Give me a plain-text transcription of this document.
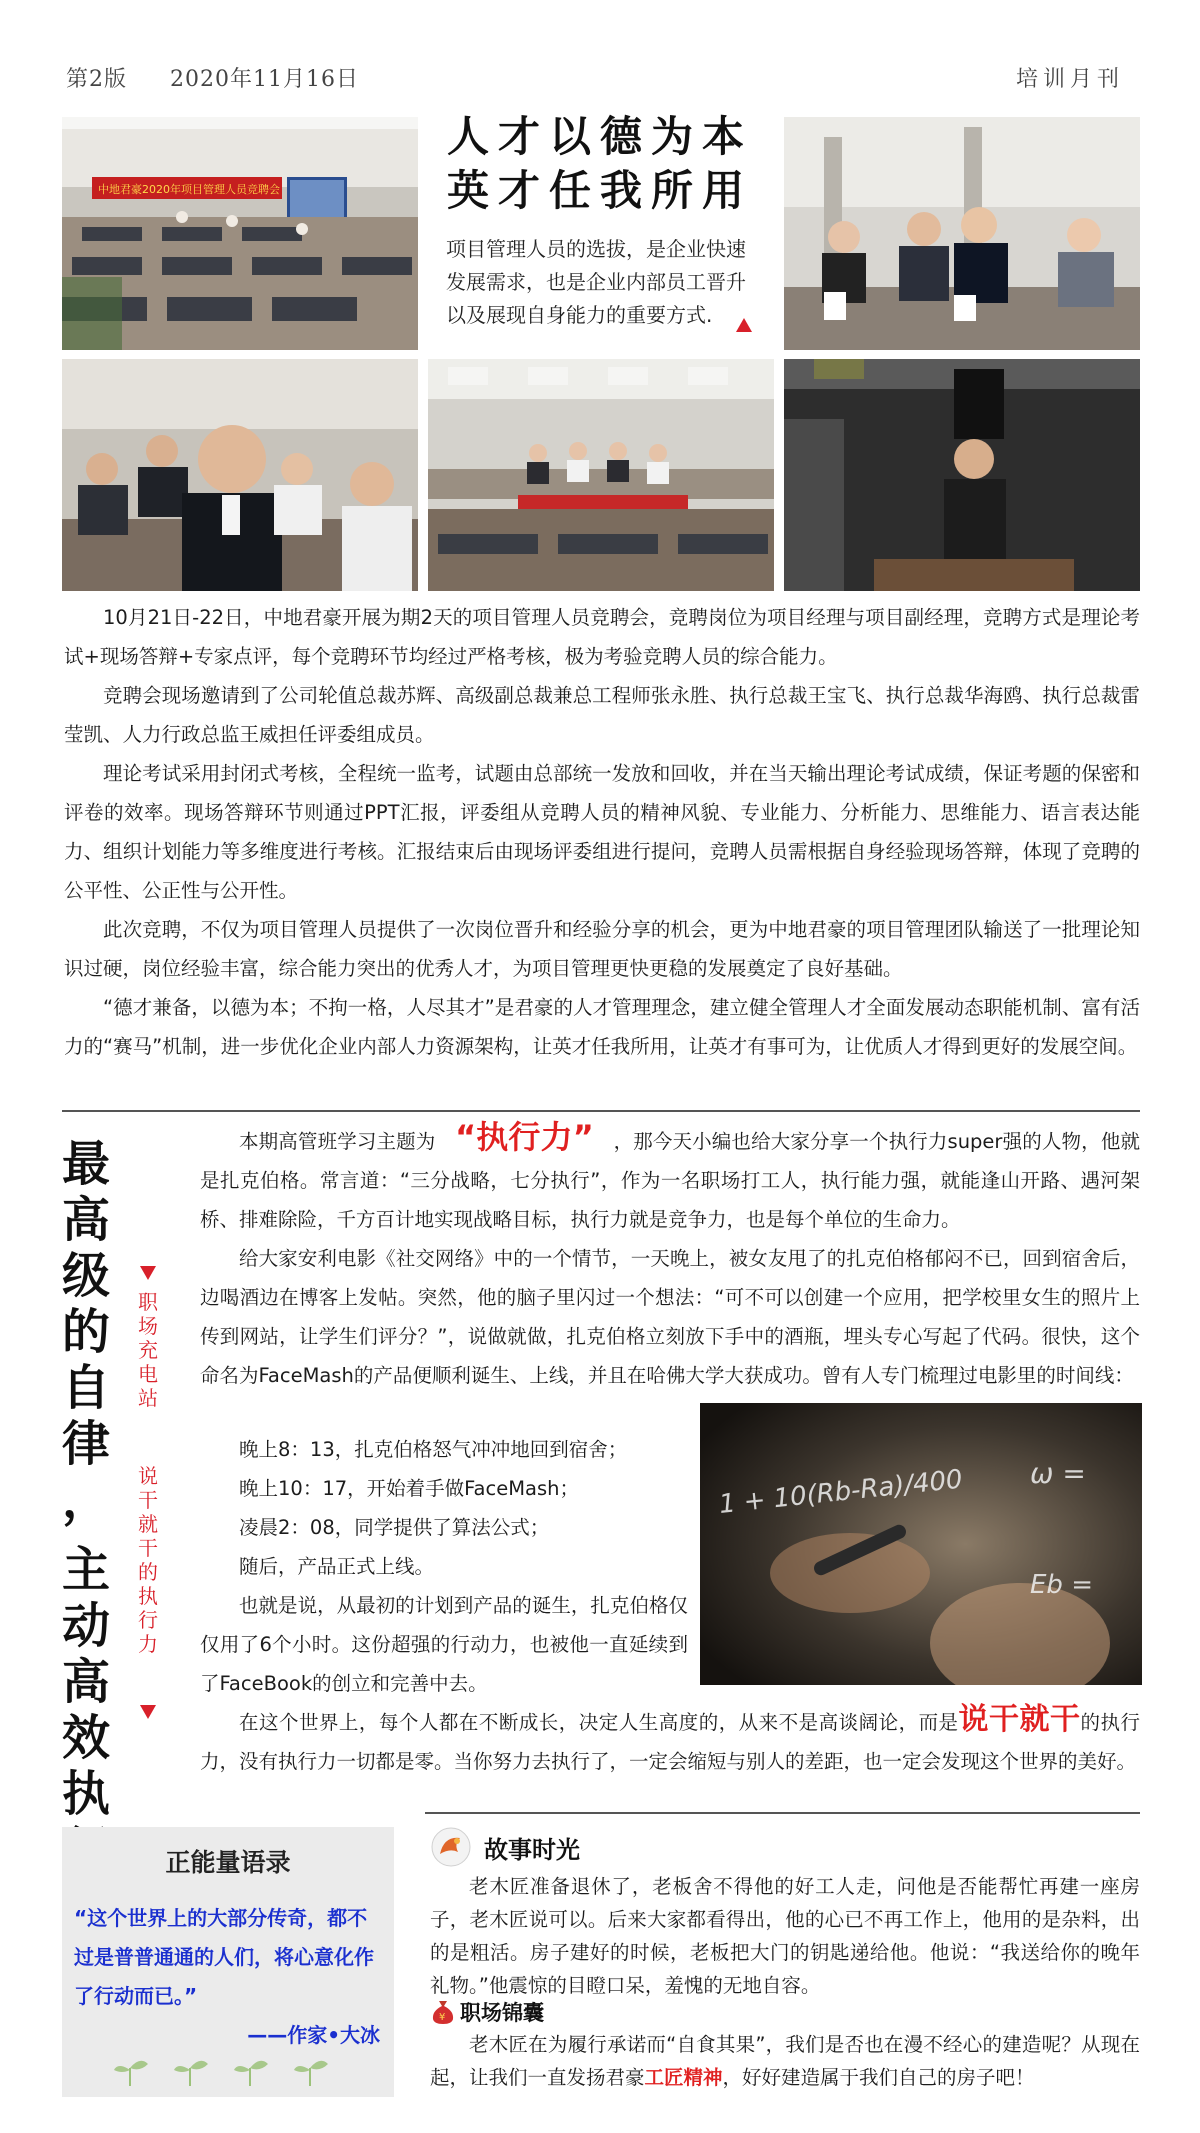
第2版 2020年11月16日	培训月刊
中地君豪2020年项目管理人员竞聘会
人才以德为本
英才任我所用
项目管理人员的选拔，是企业快速发展需求，也是企业内部员工晋升以及展现自身能力的重要方式.

10月21日-22日，中地君豪开展为期2天的项目管理人员竞聘会，竞聘岗位为项目经理与项目副经理，竞聘方式是理论考试+现场答辩+专家点评，每个竞聘环节均经过严格考核，极为考验竞聘人员的综合能力。

竞聘会现场邀请到了公司轮值总裁苏辉、高级副总裁兼总工程师张永胜、执行总裁王宝飞、执行总裁华海鸥、执行总裁雷莹凯、人力行政总监王威担任评委组成员。

理论考试采用封闭式考核，全程统一监考，试题由总部统一发放和回收，并在当天输出理论考试成绩，保证考题的保密和评卷的效率。现场答辩环节则通过PPT汇报，评委组从竞聘人员的精神风貌、专业能力、分析能力、思维能力、语言表达能力、组织计划能力等多维度进行考核。汇报结束后由现场评委组进行提问，竞聘人员需根据自身经验现场答辩，体现了竞聘的公平性、公正性与公开性。

此次竞聘，不仅为项目管理人员提供了一次岗位晋升和经验分享的机会，更为中地君豪的项目管理团队输送了一批理论知识过硬，岗位经验丰富，综合能力突出的优秀人才，为项目管理更快更稳的发展奠定了良好基础。

“德才兼备，以德为本；不拘一格，人尽其才”是君豪的人才管理理念，建立健全管理人才全面发展动态职能机制、富有活力的“赛马”机制，进一步优化企业内部人力资源架构，让英才任我所用，让英才有事可为，让优质人才得到更好的发展空间。

最
高
级
的
自
律
，
主
动
高
效
执
职
场
充
电
站
说
干
就
干
的
执
行
力

本期高管班学习主题为　 “执行力”　 ，那今天小编也给大家分享一个执行力super强的人物，他就是扎克伯格。常言道：“三分战略，七分执行”，作为一名职场打工人，执行能力强，就能逢山开路、遇河架桥、排难除险，千方百计地实现战略目标，执行力就是竞争力，也是每个单位的生命力。

给大家安利电影《社交网络》中的一个情节，一天晚上，被女友甩了的扎克伯格郁闷不已，回到宿舍后，边喝酒边在博客上发帖。突然，他的脑子里闪过一个想法：“可不可以创建一个应用，把学校里女生的照片上传到网站，让学生们评分？”，说做就做，扎克伯格立刻放下手中的酒瓶，埋头专心写起了代码。很快，这个命名为FaceMash的产品便顺利诞生、上线，并且在哈佛大学大获成功。曾有人专门梳理过电影里的时间线：

ω =
1 + 10(Rb-Ra)/400
Eb =

晚上8：13，扎克伯格怒气冲冲地回到宿舍；

晚上10：17，开始着手做FaceMash；

凌晨2：08，同学提供了算法公式；

随后，产品正式上线。

也就是说，从最初的计划到产品的诞生，扎克伯格仅仅用了6个小时。这份超强的行动力，也被他一直延续到了FaceBook的创立和完善中去。

在这个世界上，每个人都在不断成长，决定人生高度的，从来不是高谈阔论，而是说干就干的执行力，没有执行力一切都是零。当你努力去执行了，一定会缩短与别人的差距，也一定会发现这个世界的美好。

正能量语录
“这个世界上的大部分传奇，都不过是普普通通的人们，将心意化作了行动而已。”
——作家•大冰
故事时光

老木匠准备退休了，老板舍不得他的好工人走，问他是否能帮忙再建一座房子，老木匠说可以。后来大家都看得出，他的心已不再工作上，他用的是杂料，出的是粗活。房子建好的时候，老板把大门的钥匙递给他。他说：“我送给你的晚年礼物。”他震惊的目瞪口呆，羞愧的无地自容。

¥ 职场锦囊

老木匠在为履行承诺而“自食其果”，我们是否也在漫不经心的建造呢？从现在起，让我们一直发扬君豪工匠精神，好好建造属于我们自己的房子吧！
